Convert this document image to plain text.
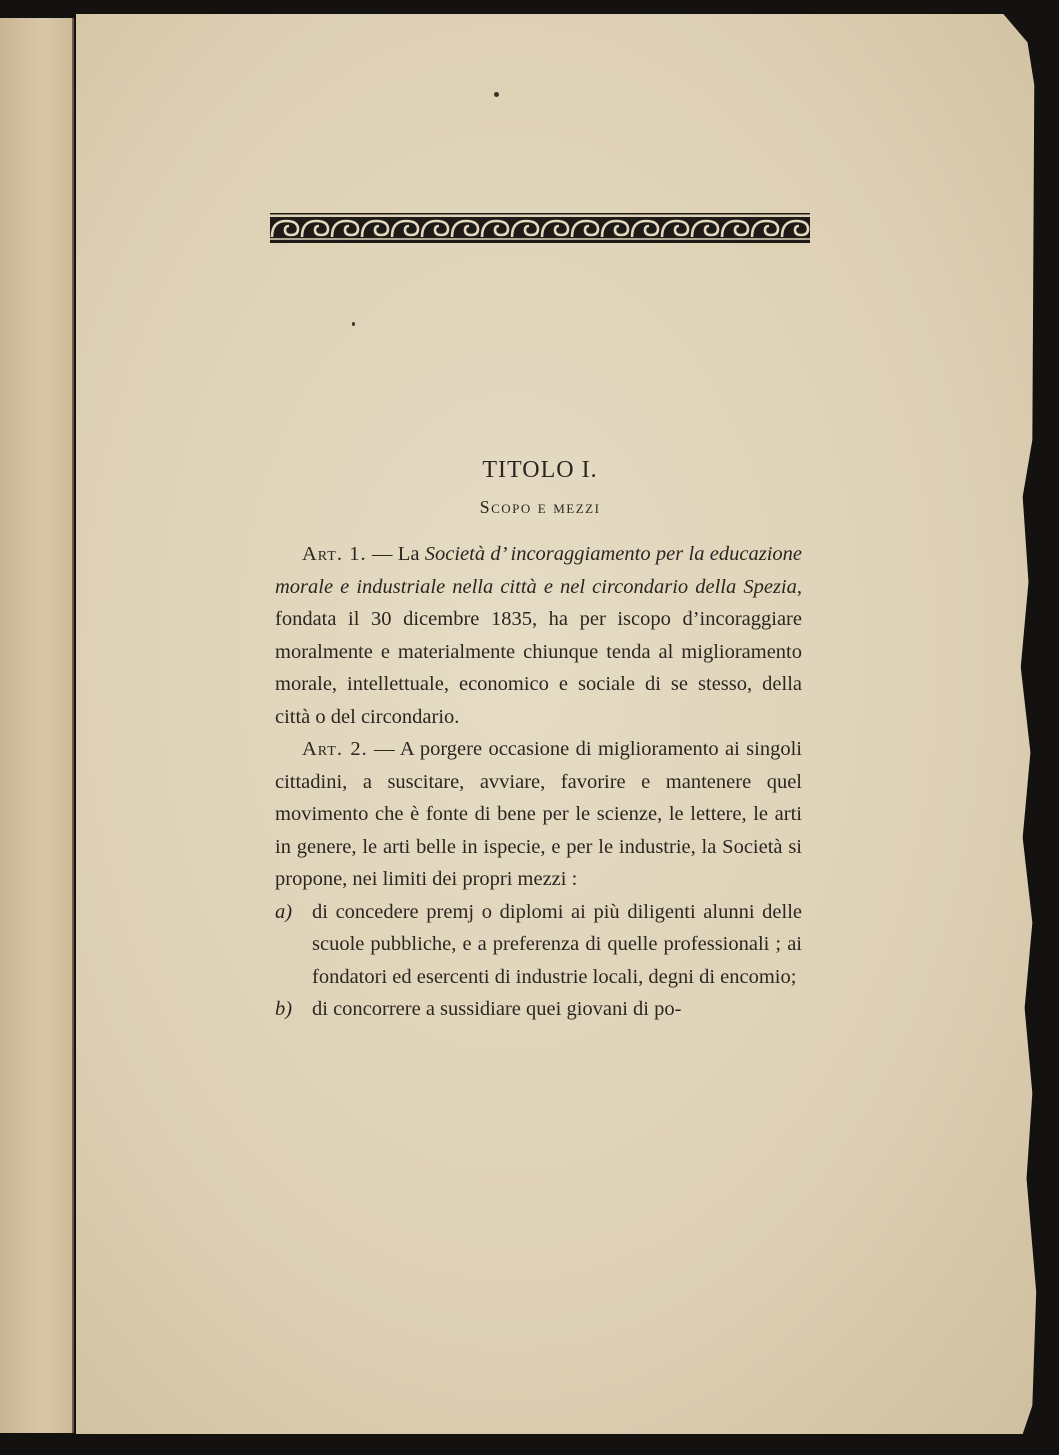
TITOLO I.
Scopo e mezzi

Art. 1. — La Società d’ incoraggiamento per la educazione morale e industriale nella città e nel circondario della Spezia, fondata il 30 dicembre 1835, ha per iscopo d’incoraggiare moralmente e materialmente chiunque tenda al miglioramento morale, intellettuale, economico e sociale di se stesso, della città o del circondario.

Art. 2. — A porgere occasione di miglioramento ai singoli cittadini, a suscitare, avviare, favorire e mantenere quel movimento che è fonte di bene per le scienze, le lettere, le arti in genere, le arti belle in ispecie, e per le industrie, la Società si propone, nei limiti dei propri mezzi :

a) di concedere premj o diplomi ai più diligenti alunni delle scuole pubbliche, e a preferenza di quelle professionali ; ai fondatori ed esercenti di industrie locali, degni di encomio;
b) di concorrere a sussidiare quei giovani di po-
